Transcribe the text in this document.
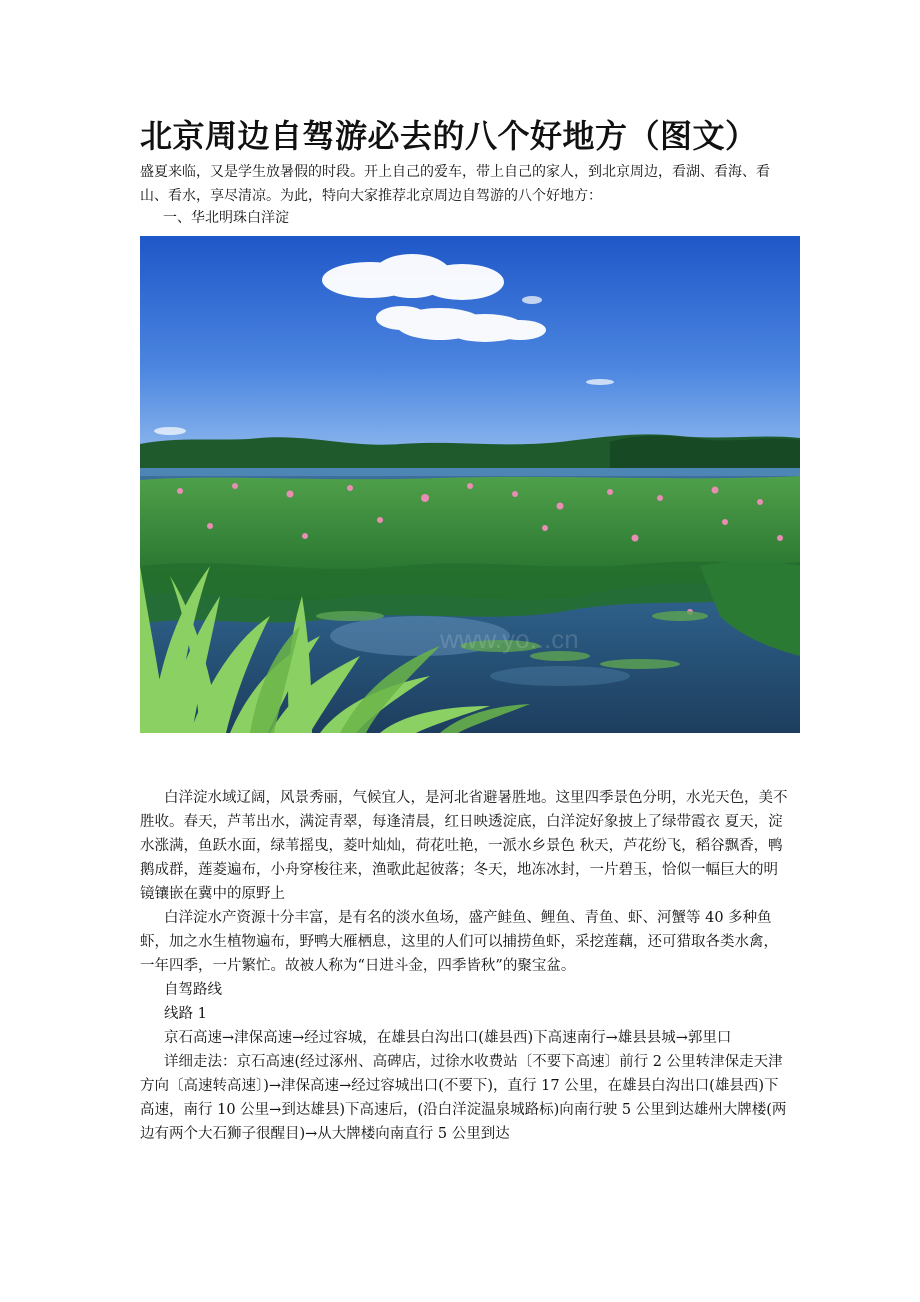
北京周边自驾游必去的八个好地方（图文）

盛夏来临，又是学生放暑假的时段。开上自己的爱车，带上自己的家人，到北京周边，看湖、看海、看山、看水，享尽清凉。为此，特向大家推荐北京周边自驾游的八个好地方：

一、华北明珠白洋淀

www.yo...cn

白洋淀水域辽阔，风景秀丽，气候宜人，是河北省避暑胜地。这里四季景色分明，水光天色，美不胜收。春天，芦苇出水，满淀青翠，每逢清晨，红日映透淀底，白洋淀好象披上了绿带霞衣 夏天，淀水涨满，鱼跃水面，绿苇摇曳，菱叶灿灿，荷花吐艳，一派水乡景色 秋天，芦花纷飞，稻谷飘香，鸭鹅成群，莲菱遍布，小舟穿梭往来，渔歌此起彼落；冬天，地冻冰封，一片碧玉，恰似一幅巨大的明镜镶嵌在冀中的原野上

白洋淀水产资源十分丰富，是有名的淡水鱼场，盛产鲑鱼、鲤鱼、青鱼、虾、河蟹等 40 多种鱼虾，加之水生植物遍布，野鸭大雁栖息，这里的人们可以捕捞鱼虾，采挖莲藕，还可猎取各类水禽，一年四季，一片繁忙。故被人称为“日进斗金，四季皆秋”的聚宝盆。

自驾路线

线路 1

京石高速→津保高速→经过容城，在雄县白沟出口(雄县西)下高速南行→雄县县城→郭里口

详细走法：京石高速(经过涿州、高碑店，过徐水收费站〔不要下高速〕前行 2 公里转津保走天津方向〔高速转高速〕)→津保高速→经过容城出口(不要下)，直行 17 公里，在雄县白沟出口(雄县西)下高速，南行 10 公里→到达雄县)下高速后，(沿白洋淀温泉城路标)向南行驶 5 公里到达雄州大牌楼(两边有两个大石狮子很醒目)→从大牌楼向南直行 5 公里到达
